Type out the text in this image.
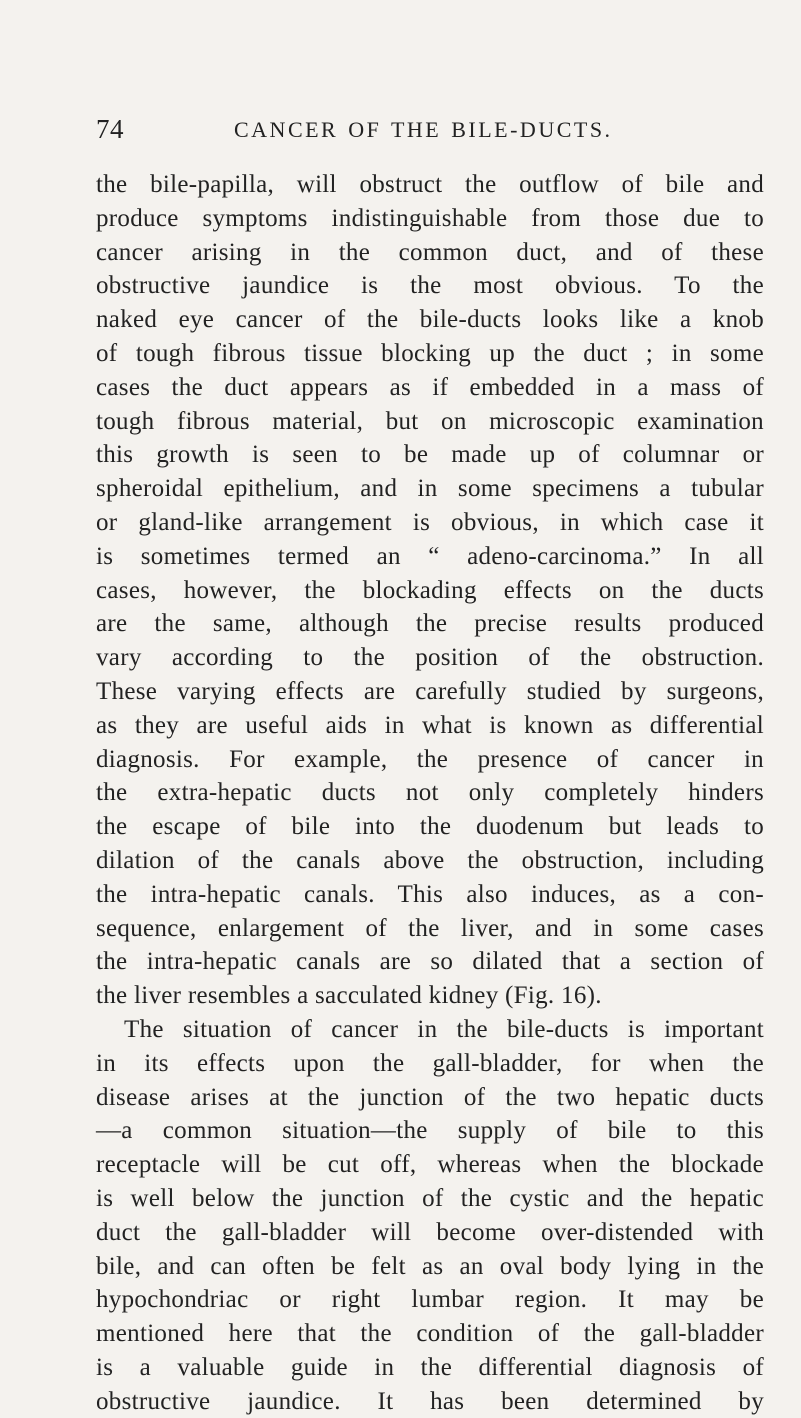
74	CANCER OF THE BILE-DUCTS.
the bile-papilla, will obstruct the outflow of bile and
produce symptoms indistinguishable from those due to
cancer arising in the common duct, and of these
obstructive jaundice is the most obvious. To the
naked eye cancer of the bile-ducts looks like a knob
of tough fibrous tissue blocking up the duct ; in some
cases the duct appears as if embedded in a mass of
tough fibrous material, but on microscopic examination
this growth is seen to be made up of columnar or
spheroidal epithelium, and in some specimens a tubular
or gland-like arrangement is obvious, in which case it
is sometimes termed an “ adeno-carcinoma.” In all
cases, however, the blockading effects on the ducts
are the same, although the precise results produced
vary according to the position of the obstruction.
These varying effects are carefully studied by surgeons,
as they are useful aids in what is known as differential
diagnosis. For example, the presence of cancer in
the extra-hepatic ducts not only completely hinders
the escape of bile into the duodenum but leads to
dilation of the canals above the obstruction, including
the intra-hepatic canals. This also induces, as a con-
sequence, enlargement of the liver, and in some cases
the intra-hepatic canals are so dilated that a section of
the liver resembles a sacculated kidney (Fig. 16).
The situation of cancer in the bile-ducts is important
in its effects upon the gall-bladder, for when the
disease arises at the junction of the two hepatic ducts
—a common situation—the supply of bile to this
receptacle will be cut off, whereas when the blockade
is well below the junction of the cystic and the hepatic
duct the gall-bladder will become over-distended with
bile, and can often be felt as an oval body lying in the
hypochondriac or right lumbar region. It may be
mentioned here that the condition of the gall-bladder
is a valuable guide in the differential diagnosis of
obstructive jaundice. It has been determined by
